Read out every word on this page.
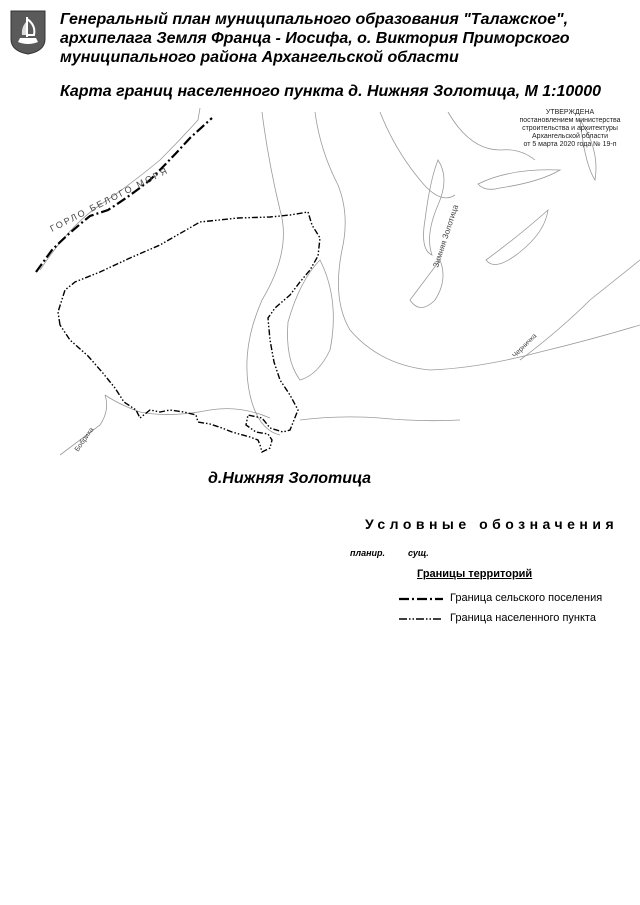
Генеральный план муниципального образования "Талажское", архипелага Земля Франца - Иосифа, о. Виктория Приморского муниципального района Архангельской области
Карта границ населенного пункта д. Нижняя Золотица, М 1:10000
ГОРЛО БЕЛОГО МОРЯ
Зимняя Золотица
Черничка
Бобриха
УТВЕРЖДЕНА
постановлением министерства
строительства и архитектуры
Архангельской области
от 5 марта 2020 года № 19-п
д.Нижняя Золотица
Условные обозначения
планир.	сущ.
Границы территорий
Граница сельского поселения
Граница населенного пункта
